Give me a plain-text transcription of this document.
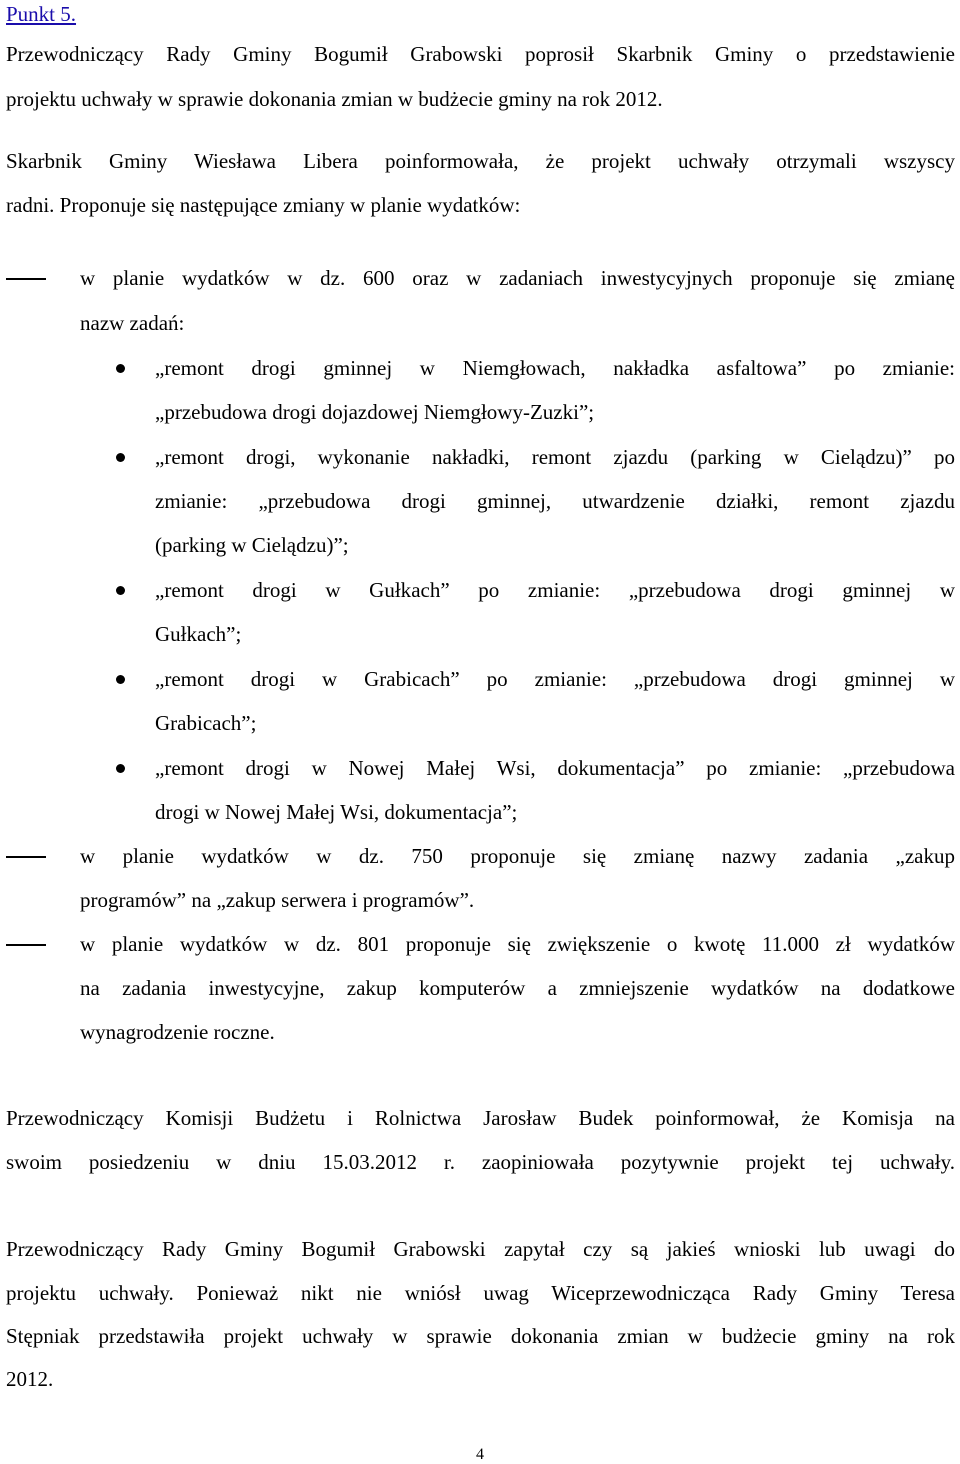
Punkt 5.
Przewodniczący Rady Gminy Bogumił Grabowski poprosił Skarbnik Gminy o przedstawienie
projektu uchwały w sprawie dokonania zmian w budżecie gminy na rok 2012.
Skarbnik Gminy Wiesława Libera poinformowała, że projekt uchwały otrzymali wszyscy
radni. Proponuje się następujące zmiany w planie wydatków:
w planie wydatków w dz. 600 oraz w zadaniach inwestycyjnych proponuje się zmianę
nazw zadań:
„remont drogi gminnej w Niemgłowach, nakładka asfaltowa” po zmianie:
„przebudowa drogi dojazdowej Niemgłowy-Zuzki”;
„remont drogi, wykonanie nakładki, remont zjazdu (parking w Cielądzu)” po
zmianie: „przebudowa drogi gminnej, utwardzenie działki, remont zjazdu
(parking w Cielądzu)”;
„remont drogi w Gułkach” po zmianie: „przebudowa drogi gminnej w
Gułkach”;
„remont drogi w Grabicach” po zmianie: „przebudowa drogi gminnej w
Grabicach”;
„remont drogi w Nowej Małej Wsi, dokumentacja” po zmianie: „przebudowa
drogi w Nowej Małej Wsi, dokumentacja”;
w planie wydatków w dz. 750 proponuje się zmianę nazwy zadania „zakup
programów” na „zakup serwera i programów”.
w planie wydatków w dz. 801 proponuje się zwiększenie o kwotę 11.000 zł wydatków
na zadania inwestycyjne, zakup komputerów a zmniejszenie wydatków na dodatkowe
wynagrodzenie roczne.
Przewodniczący Komisji Budżetu i Rolnictwa Jarosław Budek poinformował, że Komisja na
swoim posiedzeniu w dniu 15.03.2012 r. zaopiniowała pozytywnie projekt tej uchwały.
Przewodniczący Rady Gminy Bogumił Grabowski zapytał czy są jakieś wnioski lub uwagi do
projektu uchwały. Ponieważ nikt nie wniósł uwag Wiceprzewodnicząca Rady Gminy Teresa
Stępniak przedstawiła projekt uchwały w sprawie dokonania zmian w budżecie gminy na rok
2012.
4
